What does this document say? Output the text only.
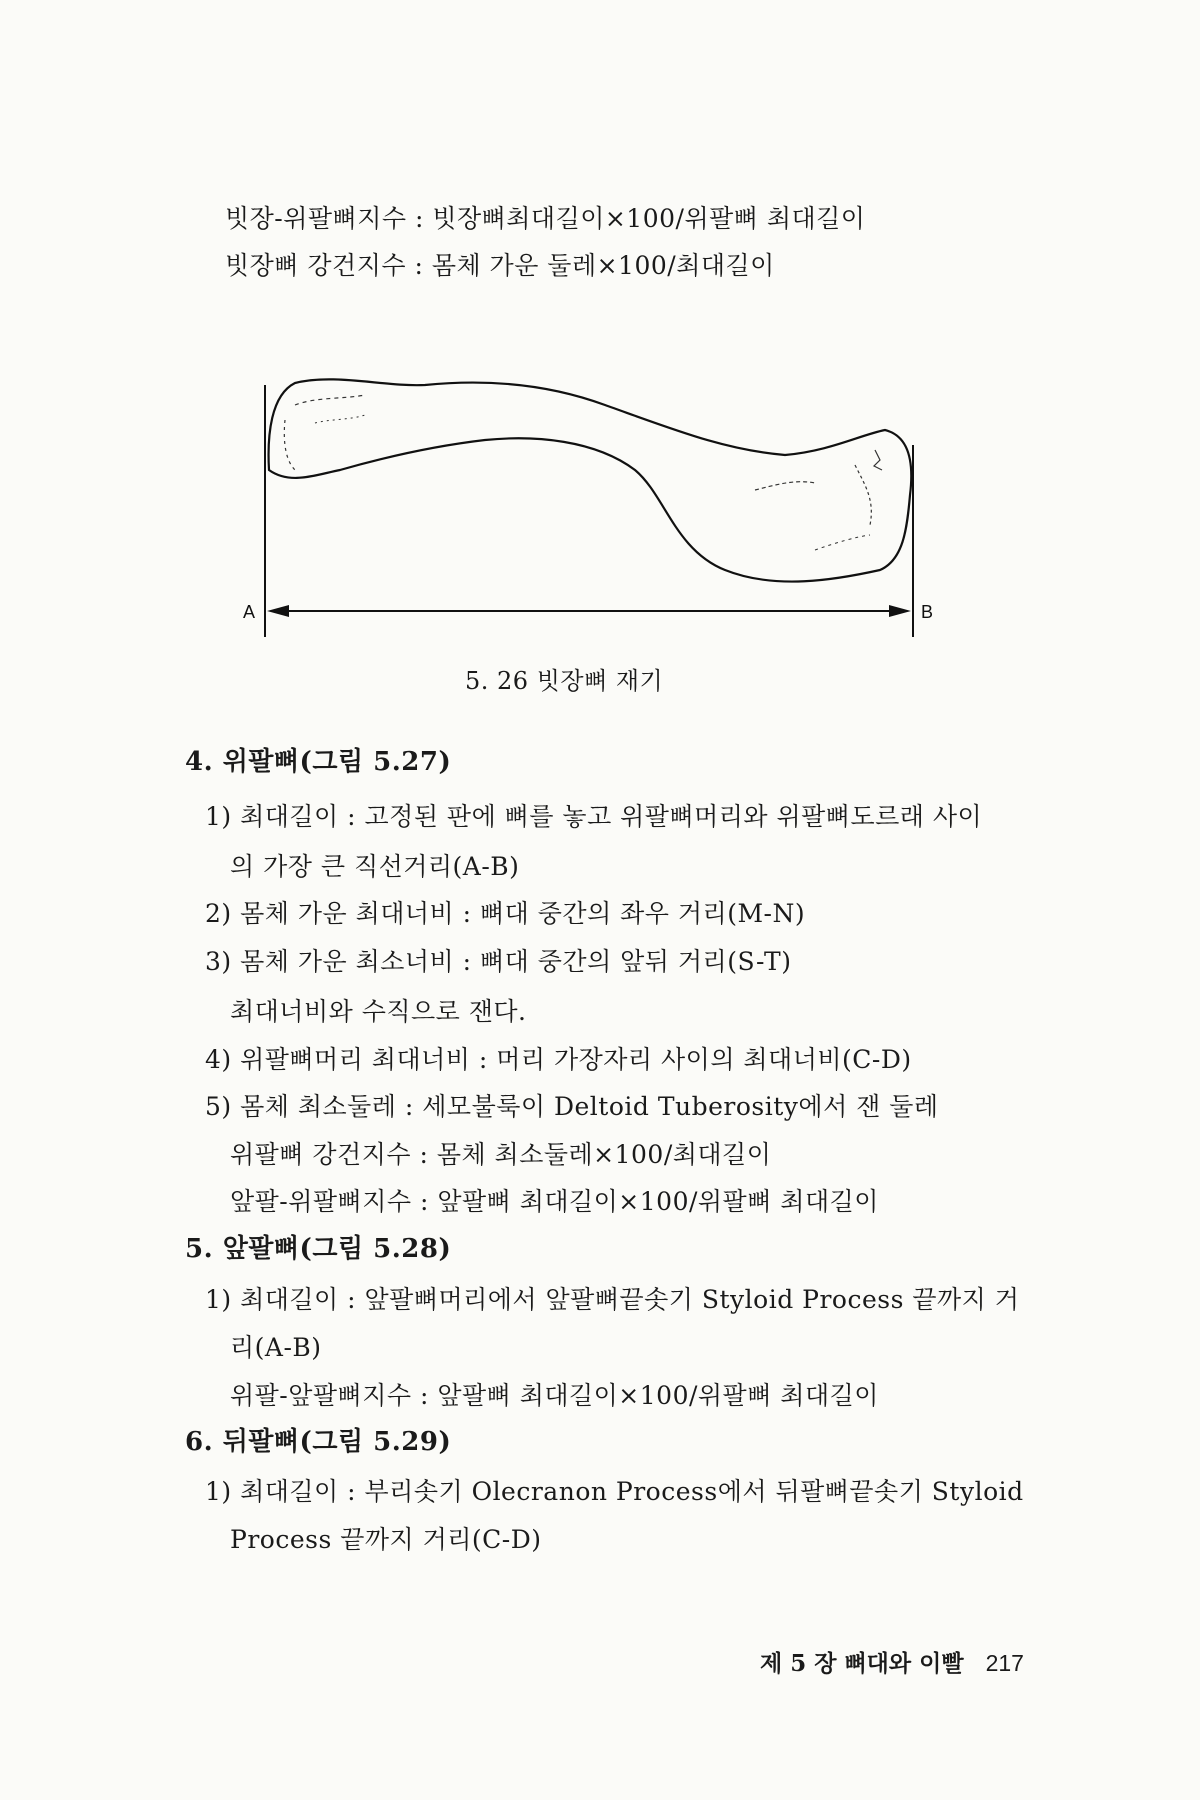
빗장-위팔뼈지수 : 빗장뼈최대길이×100/위팔뼈 최대길이
빗장뼈 강건지수 : 몸체 가운 둘레×100/최대길이
A	B
5. 26 빗장뼈 재기
4. 위팔뼈(그림 5.27)
1) 최대길이 : 고정된 판에 뼈를 놓고 위팔뼈머리와 위팔뼈도르래 사이
의 가장 큰 직선거리(A-B)
2) 몸체 가운 최대너비 : 뼈대 중간의 좌우 거리(M-N)
3) 몸체 가운 최소너비 : 뼈대 중간의 앞뒤 거리(S-T)
최대너비와 수직으로 잰다.
4) 위팔뼈머리 최대너비 : 머리 가장자리 사이의 최대너비(C-D)
5) 몸체 최소둘레 : 세모불룩이 Deltoid Tuberosity에서 잰 둘레
위팔뼈 강건지수 : 몸체 최소둘레×100/최대길이
앞팔-위팔뼈지수 : 앞팔뼈 최대길이×100/위팔뼈 최대길이
5. 앞팔뼈(그림 5.28)
1) 최대길이 : 앞팔뼈머리에서 앞팔뼈끝솟기 Styloid Process 끝까지 거
리(A-B)
위팔-앞팔뼈지수 : 앞팔뼈 최대길이×100/위팔뼈 최대길이
6. 뒤팔뼈(그림 5.29)
1) 최대길이 : 부리솟기 Olecranon Process에서 뒤팔뼈끝솟기 Styloid
Process 끝까지 거리(C-D)
제 5 장 뼈대와 이빨 217
